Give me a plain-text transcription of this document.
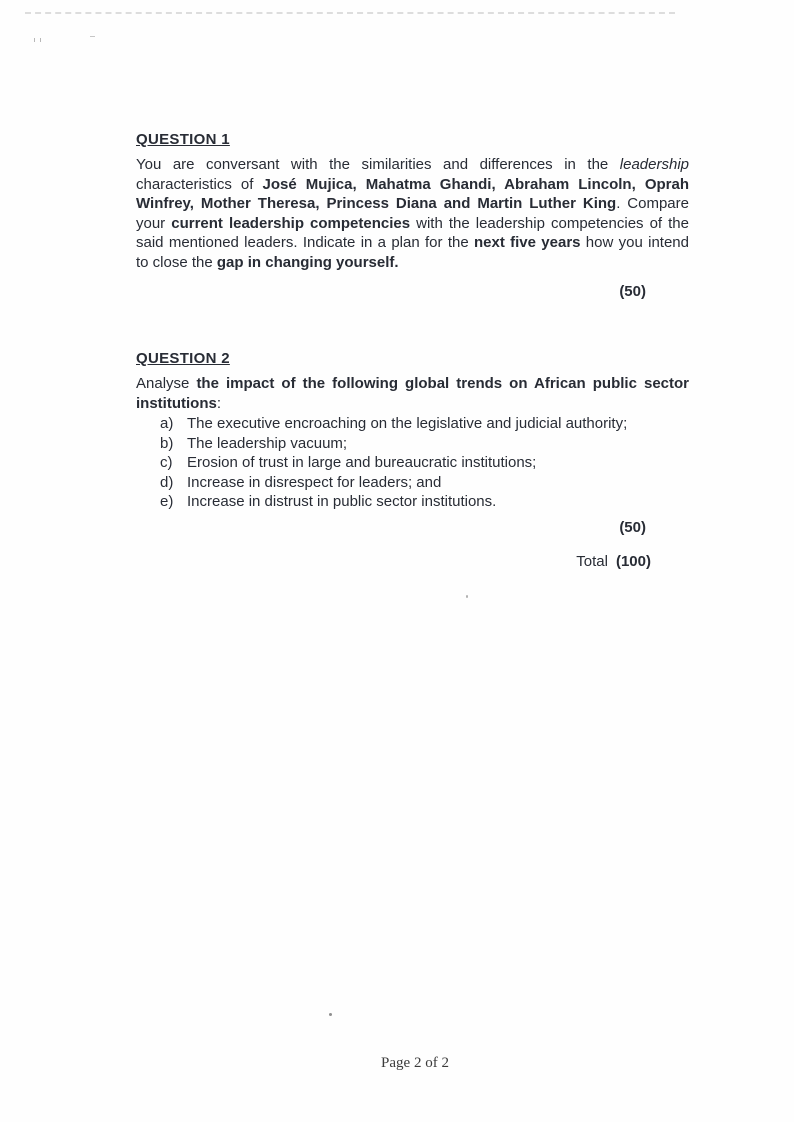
QUESTION 1

You are conversant with the similarities and differences in the leadership characteristics of José Mujica, Mahatma Ghandi, Abraham Lincoln, Oprah Winfrey, Mother Theresa, Princess Diana and Martin Luther King. Compare your current leadership competencies with the leadership competencies of the said mentioned leaders. Indicate in a plan for the next five years how you intend to close the gap in changing yourself.

(50)

QUESTION 2

Analyse the impact of the following global trends on African public sector institutions:

a) The executive encroaching on the legislative and judicial authority;
b) The leadership vacuum;
c) Erosion of trust in large and bureaucratic institutions;
d) Increase in disrespect for leaders; and
e) Increase in distrust in public sector institutions.

(50)

Total (100)
Page 2 of 2
